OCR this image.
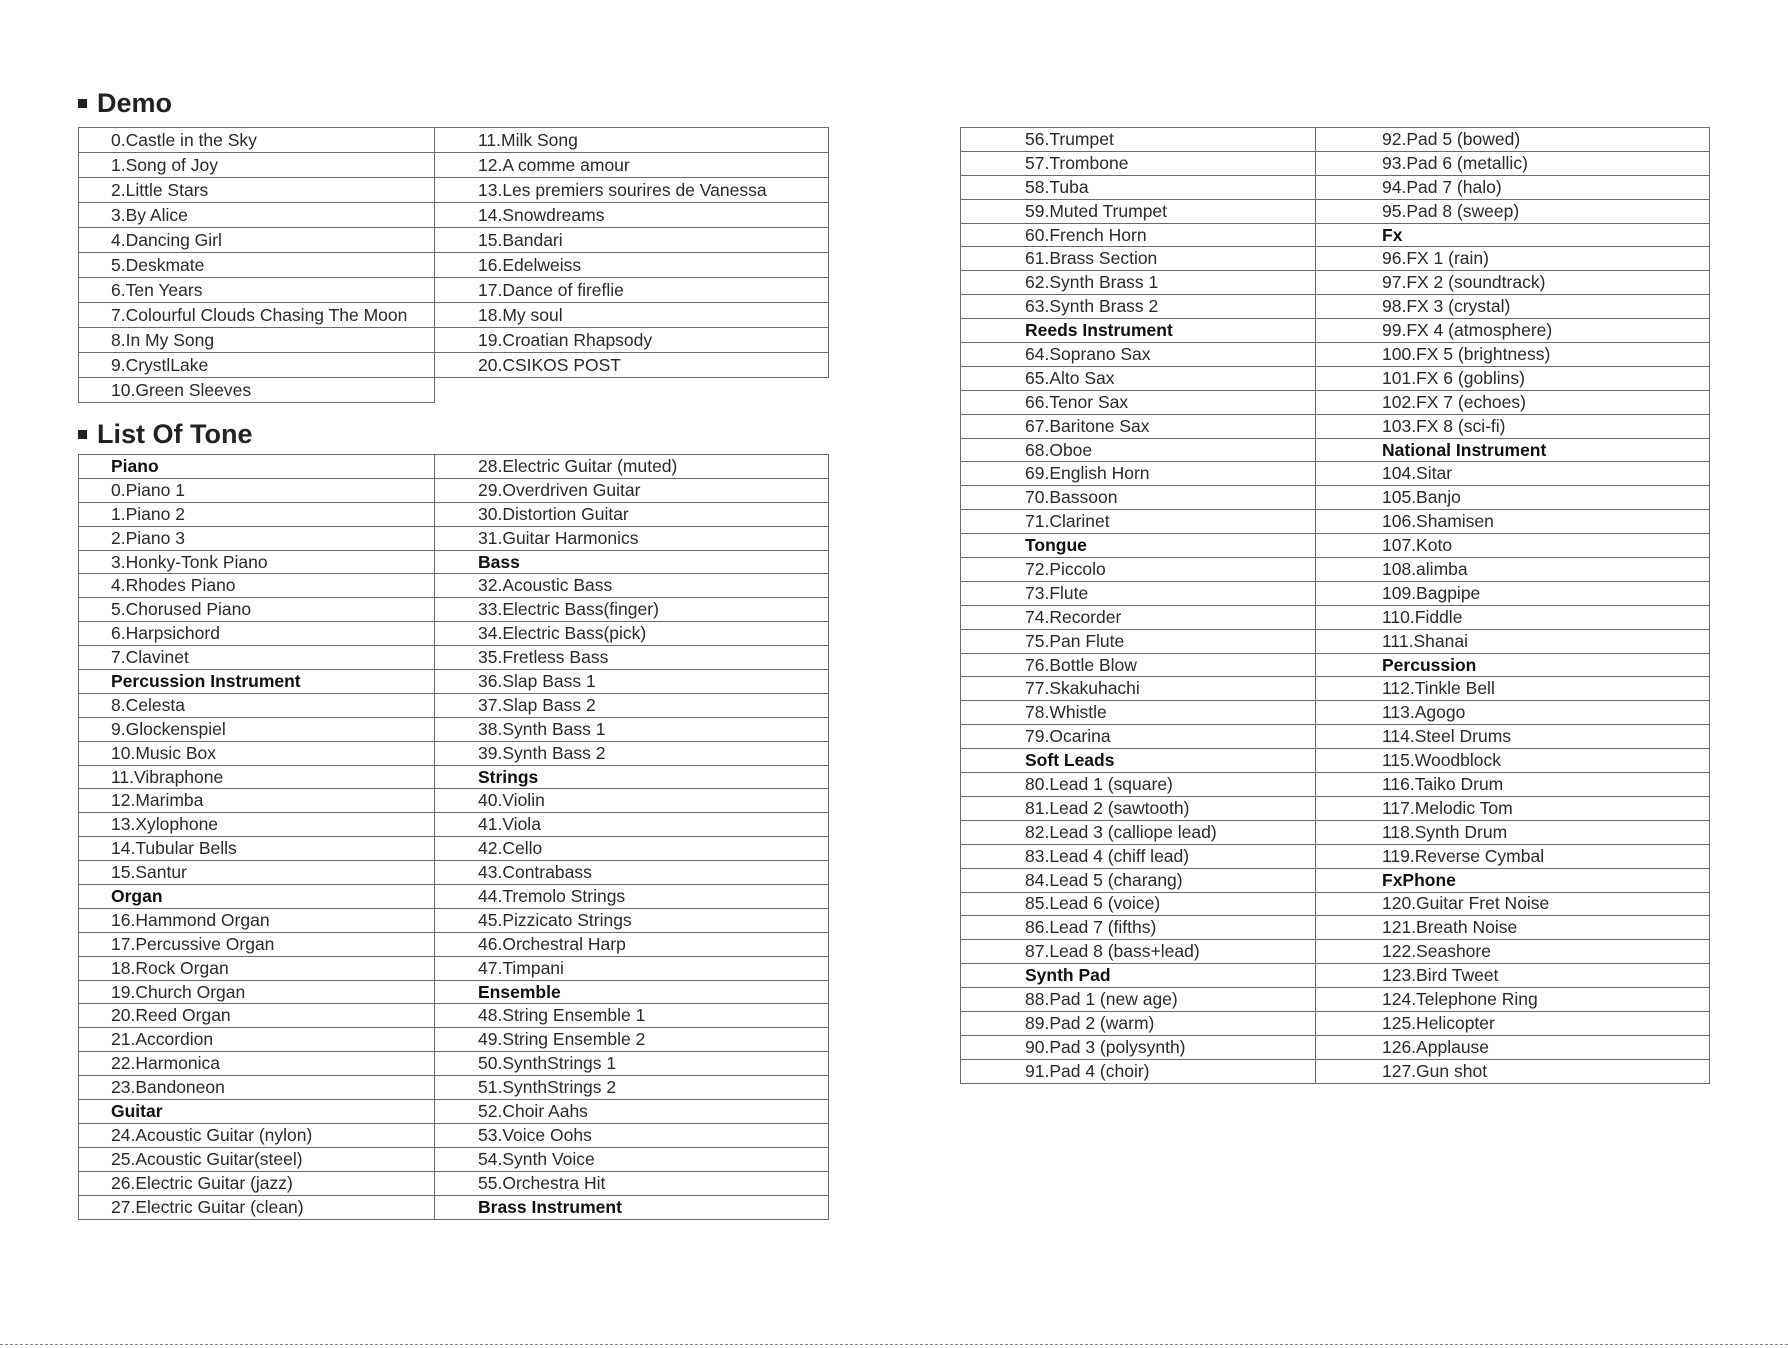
Demo
0.Castle in the Sky	11.Milk Song
1.Song of Joy	12.A comme amour
2.Little Stars	13.Les premiers sourires de Vanessa
3.By Alice	14.Snowdreams
4.Dancing Girl	15.Bandari
5.Deskmate	16.Edelweiss
6.Ten Years	17.Dance of fireflie
7.Colourful Clouds Chasing The Moon	18.My soul
8.In My Song	19.Croatian Rhapsody
9.CrystlLake	20.CSIKOS POST
10.Green Sleeves	
List Of Tone
Piano	28.Electric Guitar (muted)
0.Piano 1	29.Overdriven Guitar
1.Piano 2	30.Distortion Guitar
2.Piano 3	31.Guitar Harmonics
3.Honky-Tonk Piano	Bass
4.Rhodes Piano	32.Acoustic Bass
5.Chorused Piano	33.Electric Bass(finger)
6.Harpsichord	34.Electric Bass(pick)
7.Clavinet	35.Fretless Bass
Percussion Instrument	36.Slap Bass 1
8.Celesta	37.Slap Bass 2
9.Glockenspiel	38.Synth Bass 1
10.Music Box	39.Synth Bass 2
11.Vibraphone	Strings
12.Marimba	40.Violin
13.Xylophone	41.Viola
14.Tubular Bells	42.Cello
15.Santur	43.Contrabass
Organ	44.Tremolo Strings
16.Hammond Organ	45.Pizzicato Strings
17.Percussive Organ	46.Orchestral Harp
18.Rock Organ	47.Timpani
19.Church Organ	Ensemble
20.Reed Organ	48.String Ensemble 1
21.Accordion	49.String Ensemble 2
22.Harmonica	50.SynthStrings 1
23.Bandoneon	51.SynthStrings 2
Guitar	52.Choir Aahs
24.Acoustic Guitar (nylon)	53.Voice Oohs
25.Acoustic Guitar(steel)	54.Synth Voice
26.Electric Guitar (jazz)	55.Orchestra Hit
27.Electric Guitar (clean)	Brass Instrument
56.Trumpet	92.Pad 5 (bowed)
57.Trombone	93.Pad 6 (metallic)
58.Tuba	94.Pad 7 (halo)
59.Muted Trumpet	95.Pad 8 (sweep)
60.French Horn	Fx
61.Brass Section	96.FX 1 (rain)
62.Synth Brass 1	97.FX 2 (soundtrack)
63.Synth Brass 2	98.FX 3 (crystal)
Reeds Instrument	99.FX 4 (atmosphere)
64.Soprano Sax	100.FX 5 (brightness)
65.Alto Sax	101.FX 6 (goblins)
66.Tenor Sax	102.FX 7 (echoes)
67.Baritone Sax	103.FX 8 (sci-fi)
68.Oboe	National Instrument
69.English Horn	104.Sitar
70.Bassoon	105.Banjo
71.Clarinet	106.Shamisen
Tongue	107.Koto
72.Piccolo	108.alimba
73.Flute	109.Bagpipe
74.Recorder	110.Fiddle
75.Pan Flute	111.Shanai
76.Bottle Blow	Percussion
77.Skakuhachi	112.Tinkle Bell
78.Whistle	113.Agogo
79.Ocarina	114.Steel Drums
Soft Leads	115.Woodblock
80.Lead 1 (square)	116.Taiko Drum
81.Lead 2 (sawtooth)	117.Melodic Tom
82.Lead 3 (calliope lead)	118.Synth Drum
83.Lead 4 (chiff lead)	119.Reverse Cymbal
84.Lead 5 (charang)	FxPhone
85.Lead 6 (voice)	120.Guitar Fret Noise
86.Lead 7 (fifths)	121.Breath Noise
87.Lead 8 (bass+lead)	122.Seashore
Synth Pad	123.Bird Tweet
88.Pad 1 (new age)	124.Telephone Ring
89.Pad 2 (warm)	125.Helicopter
90.Pad 3 (polysynth)	126.Applause
91.Pad 4 (choir)	127.Gun shot
